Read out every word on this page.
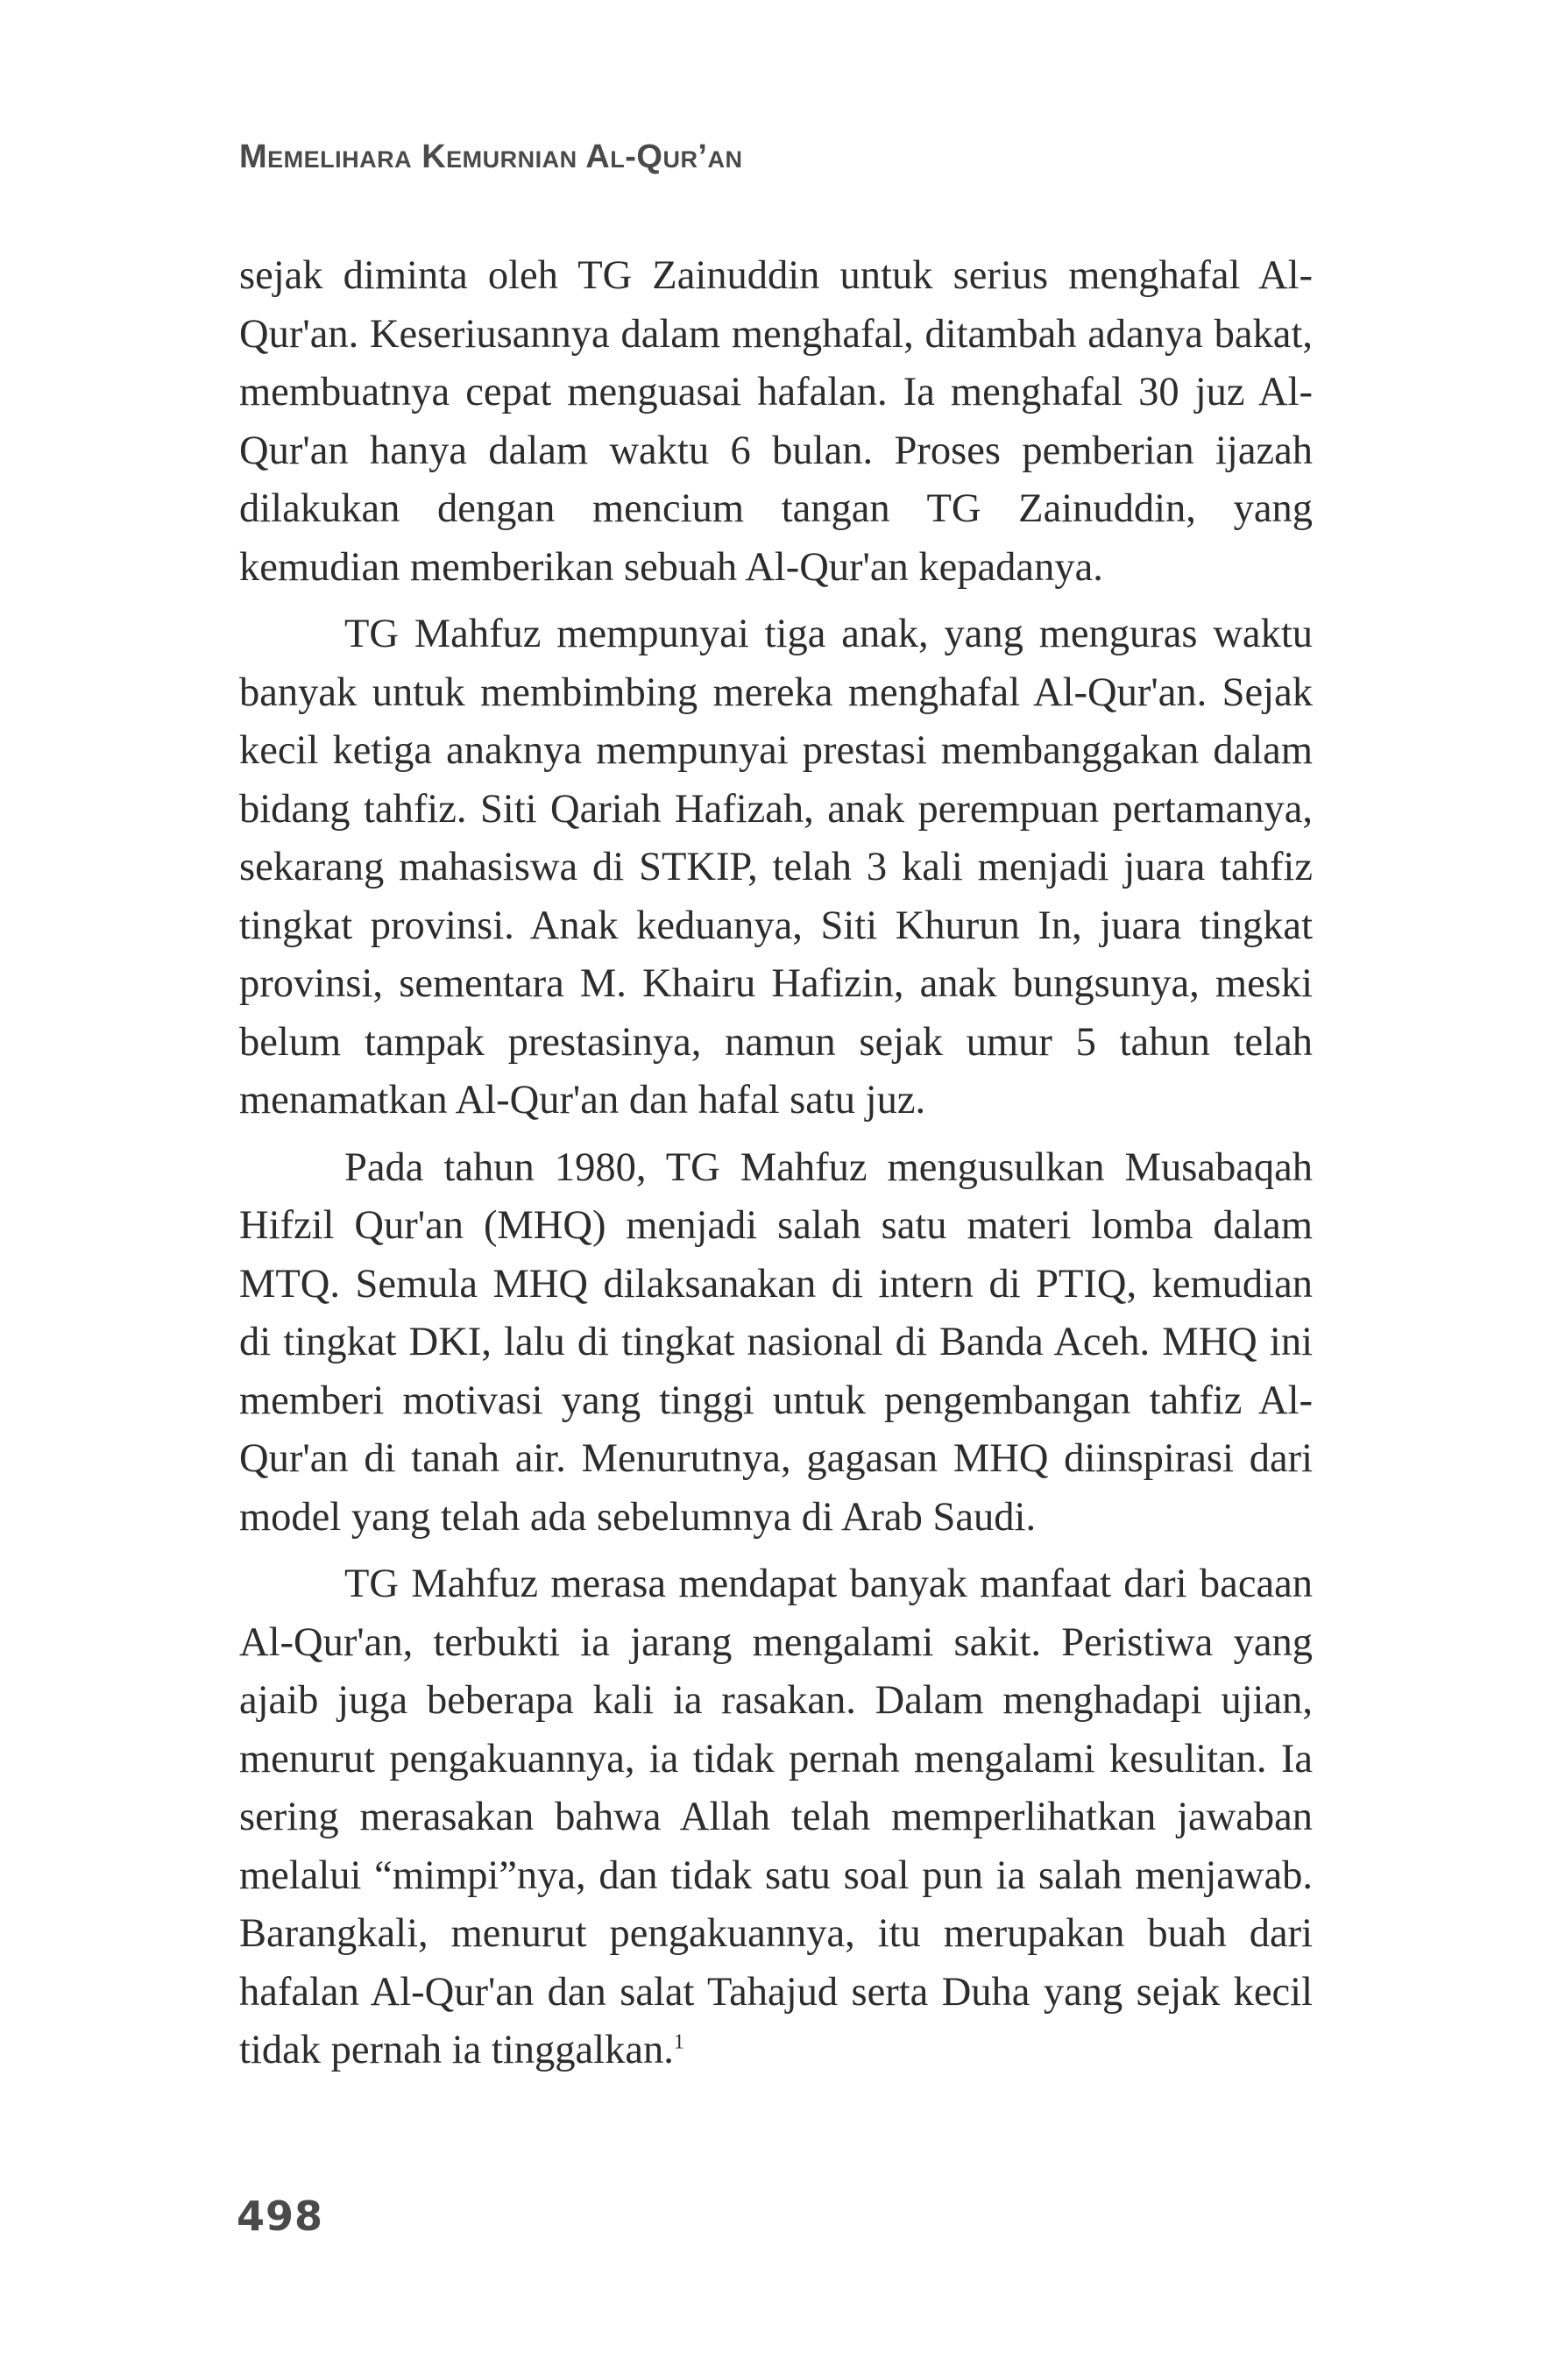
Memelihara Kemurnian Al-Qur’an

sejak diminta oleh TG Zainuddin untuk serius menghafal Al-Qur'an. Keseriusannya dalam menghafal, ditambah adanya bakat, membuatnya cepat menguasai hafalan. Ia menghafal 30 juz Al-Qur'an hanya dalam waktu 6 bulan. Proses pemberian ijazah dilakukan dengan mencium tangan TG Zainuddin, yang kemudian memberikan sebuah Al-Qur'an kepadanya.

TG Mahfuz mempunyai tiga anak, yang menguras waktu banyak untuk membimbing mereka menghafal Al-Qur'an. Sejak kecil ketiga anaknya mempunyai prestasi membanggakan dalam bidang tahfiz. Siti Qariah Hafizah, anak perempuan pertamanya, sekarang mahasiswa di STKIP, telah 3 kali menjadi juara tahfiz tingkat provinsi. Anak keduanya, Siti Khurun In, juara tingkat provinsi, sementara M. Khairu Hafizin, anak bungsunya, meski belum tampak prestasinya, namun sejak umur 5 tahun telah menamatkan Al-Qur'an dan hafal satu juz.

Pada tahun 1980, TG Mahfuz mengusulkan Musabaqah Hifzil Qur'an (MHQ) menjadi salah satu materi lomba dalam MTQ. Semula MHQ dilaksanakan di intern di PTIQ, kemudian di tingkat DKI, lalu di tingkat nasional di Banda Aceh. MHQ ini memberi motivasi yang tinggi untuk pengembangan tahfiz Al-Qur'an di tanah air. Menurutnya, gagasan MHQ diinspirasi dari model yang telah ada sebelumnya di Arab Saudi.

TG Mahfuz merasa mendapat banyak manfaat dari bacaan Al-Qur'an, terbukti ia jarang mengalami sakit. Peristiwa yang ajaib juga beberapa kali ia rasakan. Dalam menghadapi ujian, menurut pengakuannya, ia tidak pernah mengalami kesulitan. Ia sering merasakan bahwa Allah telah memperlihatkan jawaban melalui “mimpi”nya, dan tidak satu soal pun ia salah menjawab. Barangkali, menurut pengakuannya, itu merupakan buah dari hafalan Al-Qur'an dan salat Tahajud serta Duha yang sejak kecil tidak pernah ia tinggalkan.$^1$

498
